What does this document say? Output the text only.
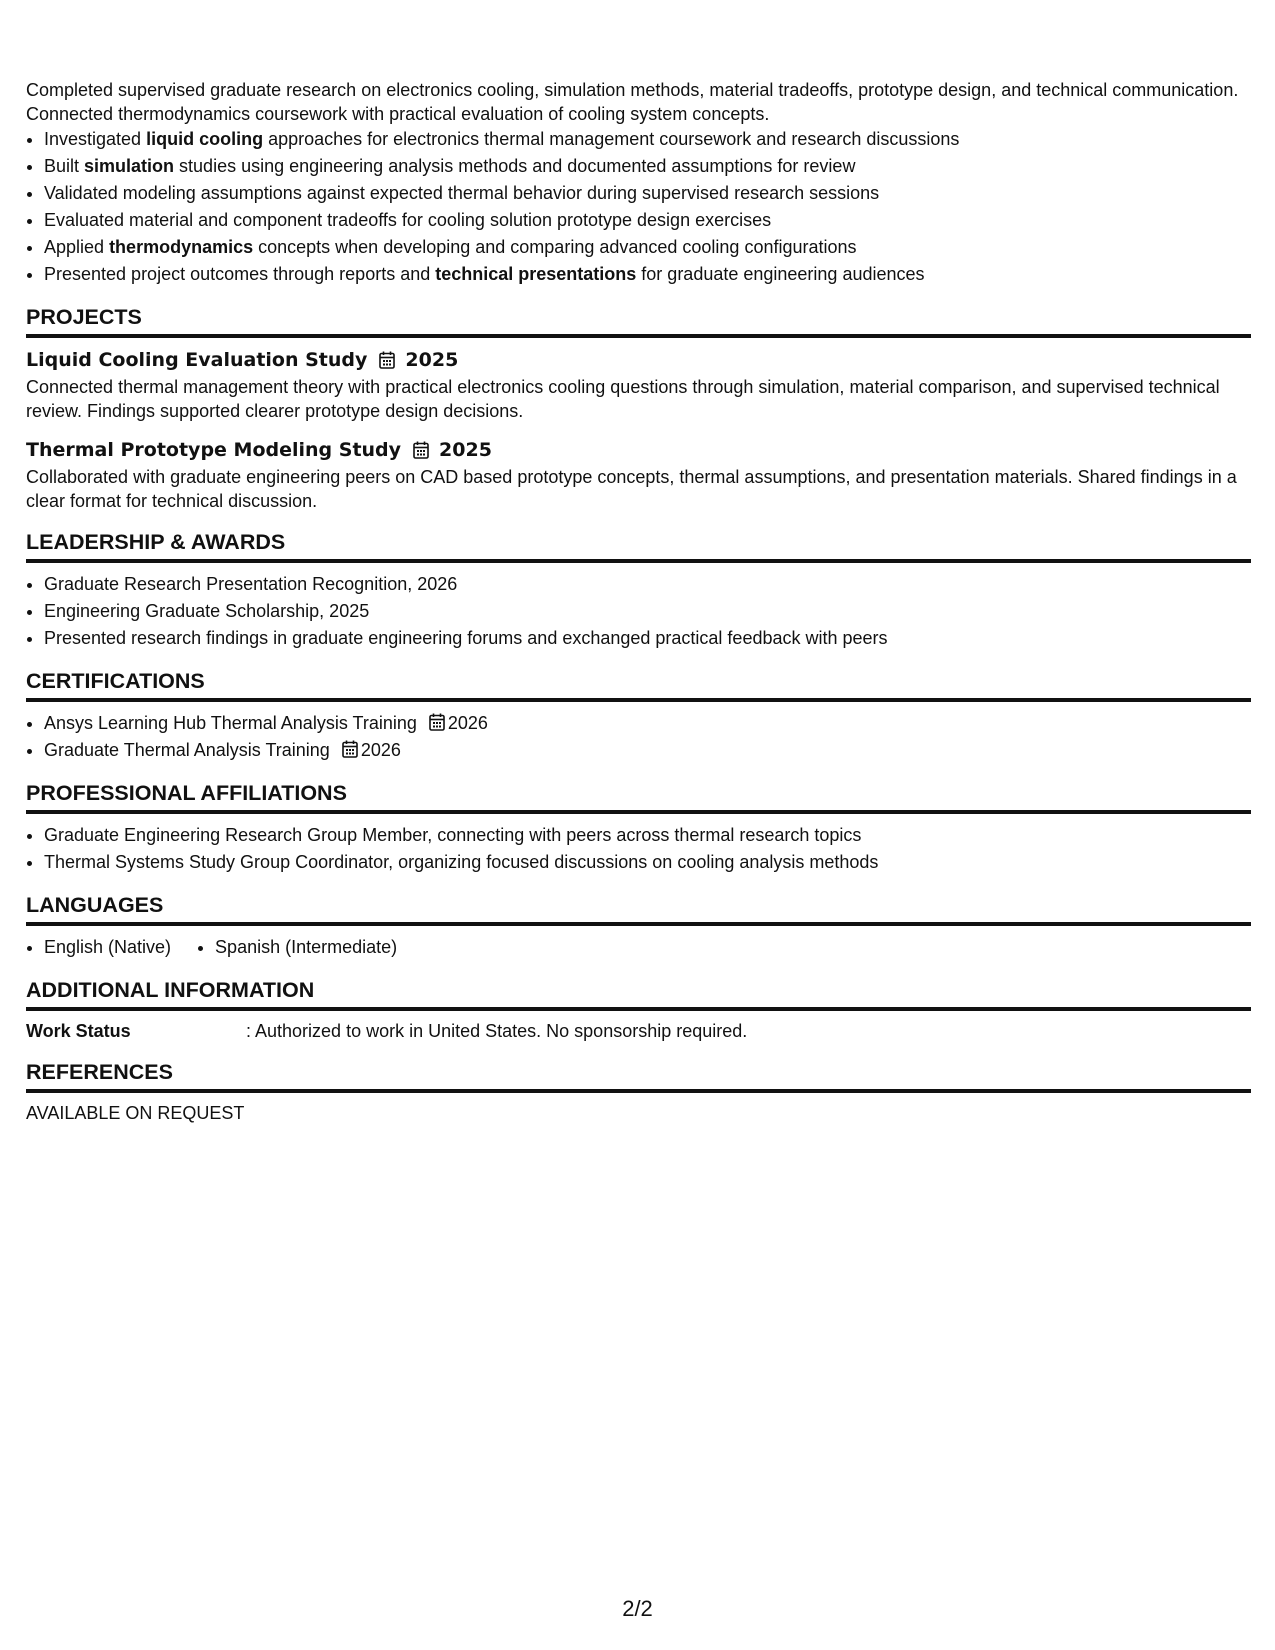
Completed supervised graduate research on electronics cooling, simulation methods, material tradeoffs, prototype design, and technical communication. Connected thermodynamics coursework with practical evaluation of cooling system concepts.

• Investigated liquid cooling approaches for electronics thermal management coursework and research discussions
• Built simulation studies using engineering analysis methods and documented assumptions for review
• Validated modeling assumptions against expected thermal behavior during supervised research sessions
• Evaluated material and component tradeoffs for cooling solution prototype design exercises
• Applied thermodynamics concepts when developing and comparing advanced cooling configurations
• Presented project outcomes through reports and technical presentations for graduate engineering audiences
PROJECTS
Liquid Cooling Evaluation Study 2025

Connected thermal management theory with practical electronics cooling questions through simulation, material comparison, and supervised technical review. Findings supported clearer prototype design decisions.

Thermal Prototype Modeling Study 2025

Collaborated with graduate engineering peers on CAD based prototype concepts, thermal assumptions, and presentation materials. Shared findings in a clear format for technical discussion.

LEADERSHIP & AWARDS
• Graduate Research Presentation Recognition, 2026
• Engineering Graduate Scholarship, 2025
• Presented research findings in graduate engineering forums and exchanged practical feedback with peers
CERTIFICATIONS
• Ansys Learning Hub Thermal Analysis Training 2026
• Graduate Thermal Analysis Training 2026
PROFESSIONAL AFFILIATIONS
• Graduate Engineering Research Group Member, connecting with peers across thermal research topics
• Thermal Systems Study Group Coordinator, organizing focused discussions on cooling analysis methods
LANGUAGES
• English (Native)
• Spanish (Intermediate)
ADDITIONAL INFORMATION
Work Status	: Authorized to work in United States. No sponsorship required.
REFERENCES
AVAILABLE ON REQUEST
2/2
